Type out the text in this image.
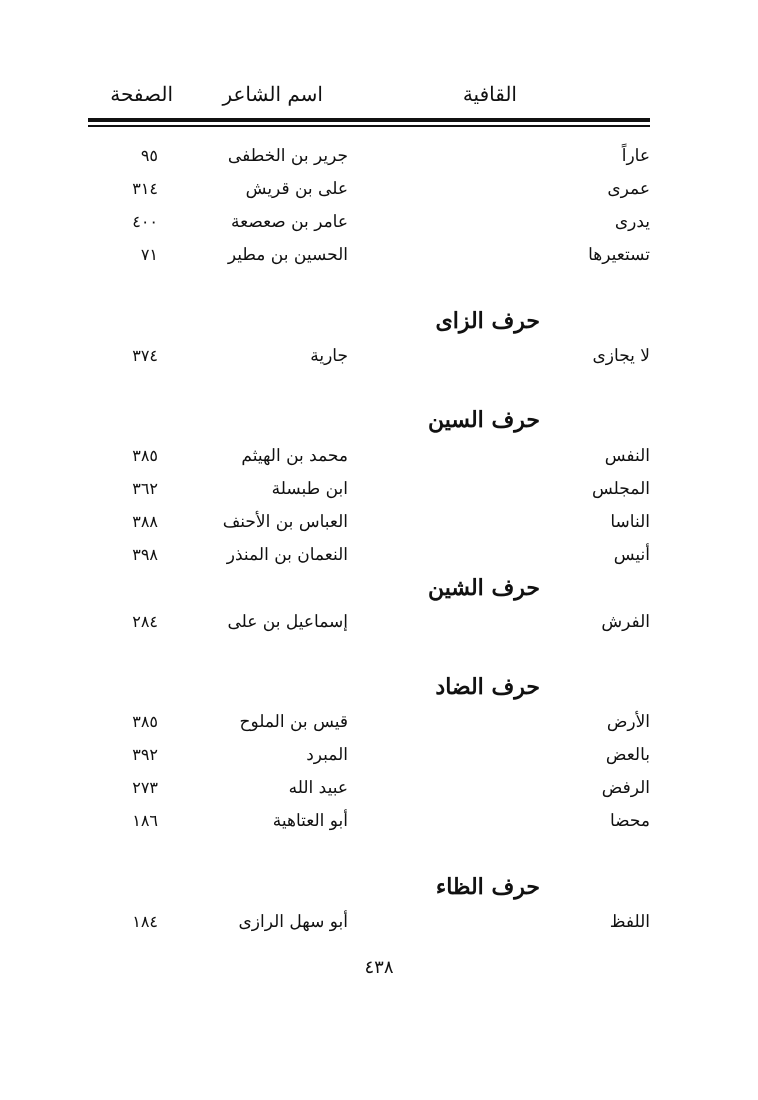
القافية
اسم الشاعر
الصفحة
عاراً
جرير بن الخطفى
٩٥
عمرى
على بن قريش
٣١٤
يدرى
عامر بن صعصعة
٤٠٠
تستعيرها
الحسين بن مطير
٧١
حرف الزاى
لا يجازى
جارية
٣٧٤
حرف السين
النفس
محمد بن الهيثم
٣٨٥
المجلس
ابن طبسلة
٣٦٢
الناسا
العباس بن الأحنف
٣٨٨
أنيس
النعمان بن المنذر
٣٩٨
حرف الشين
الفرش
إسماعيل بن على
٢٨٤
حرف الضاد
الأرض
قيس بن الملوح
٣٨٥
بالعض
المبرد
٣٩٢
الرفض
عبيد الله
٢٧٣
محضا
أبو العتاهية
١٨٦
حرف الظاء
اللفظ
أبو سهل الرازى
١٨٤
٤٣٨
